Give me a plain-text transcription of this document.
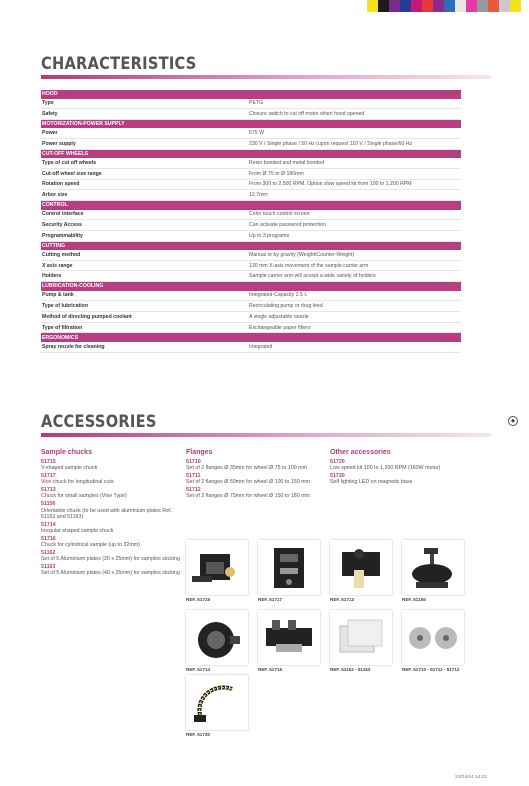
CHARACTERISTICS
HOOD
Type	PETG
Safety	Closure switch to cut off motor when hood opened
MOTORIZATION-POWER SUPPLY
Power	575 W
Power supply	230 V / Single phase / 50 Hz (upon request 110 V / Single phase/60 Hz
CUT-OFF WHEELS
Type of cut off wheels	Resin bonded and metal bonded
Cut-off wheel size range	From Ø 75 to Ø 180mm
Rotation speed	From 300 to 2,500 RPM. Option slow speed kit from 100 to 1,200 RPM
Arbor size	12.7mm
CONTROL
Control interface	Color touch control screen
Security Access	Can activate password protection
Programmability	Up to 3 programs
CUTTING
Cutting method	Manual or by gravity (Weight/Counter-Weight)
X axis range	130 mm X-axis movement of the sample carrier arm
Holders	Sample carrier arm will accept a wide variety of holders
LUBRICATION-COOLING
Pump & tank	Integrated-Capacity 2.5 L
Type of lubrication	Recirculating pump or drug feed
Method of directing pumped coolant	A single adjustable nozzle
Type of filtration	Exchangeable paper filters
ERGONOMICS
Spray nozzle for cleaning	Integrated
◆
ACCESSORIES
Sample chucks
51715
V-shaped sample chuck
51717
Vice chuck for longitudinal cuts
51713
Chuck for small samples (Vise Type)
51156
Orientable chuck (to be used with aluminium plates Ref. 51162 and 51163)
51714
Irregular shaped sample chuck
51716
Chuck for cylindrical sample (up to 32mm)
51162
Set of 5 Aluminium plates (20 x 25mm) for samples sticking
51163
Set of 5 Aluminium plates (40 x 25mm) for samples sticking
Flanges
51710
Set of 2 flanges Ø 35mm for wheel Ø 75 to 100 mm
51711
Set of 2 flanges Ø 50mm for wheel Ø 100 to 150 mm
51712
Set of 2 flanges Ø 75mm for wheel Ø 150 to 180 mm
Other accessories
51720
Low speed kit 100 to 1,200 RPM (160W motor)
51730
Self lighting LED on magnetic base
REF. 51715	REF. 51717	REF. 51713	REF. 51156
REF. 51714	REF. 51716	REF. 51162 - 51163	REF. 51710 - 51711 - 51712
REF. 51730
22/04/14 14:22
